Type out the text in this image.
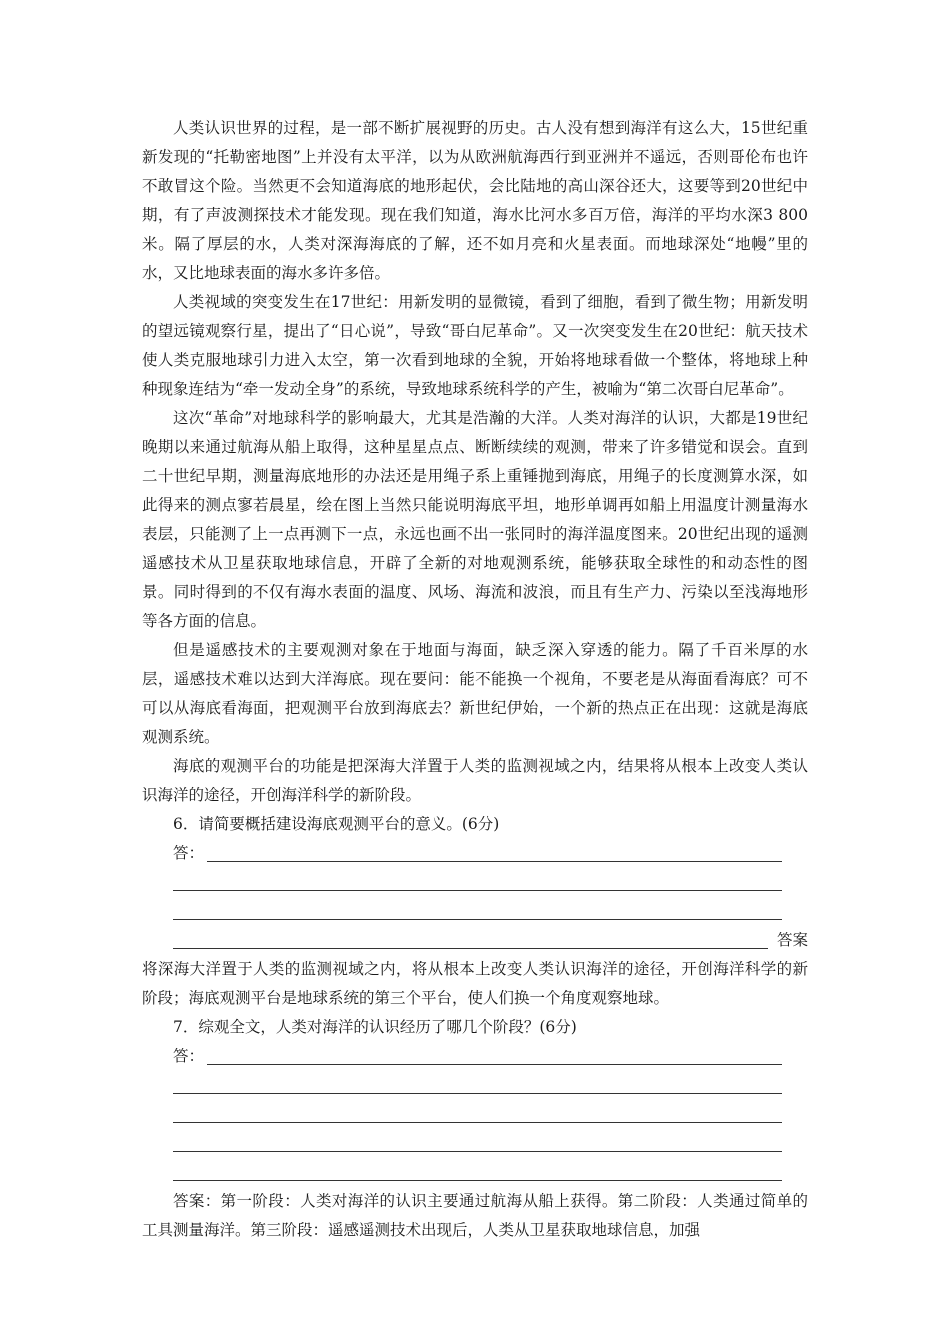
人类认识世界的过程，是一部不断扩展视野的历史。古人没有想到海洋有这么大，15世纪重新发现的“托勒密地图”上并没有太平洋，以为从欧洲航海西行到亚洲并不遥远，否则哥伦布也许不敢冒这个险。当然更不会知道海底的地形起伏，会比陆地的高山深谷还大，这要等到20世纪中期，有了声波测探技术才能发现。现在我们知道，海水比河水多百万倍，海洋的平均水深3 800米。隔了厚层的水，人类对深海海底的了解，还不如月亮和火星表面。而地球深处“地幔”里的水，又比地球表面的海水多许多倍。

人类视域的突变发生在17世纪：用新发明的显微镜，看到了细胞，看到了微生物；用新发明的望远镜观察行星，提出了“日心说”，导致“哥白尼革命”。又一次突变发生在20世纪：航天技术使人类克服地球引力进入太空，第一次看到地球的全貌，开始将地球看做一个整体，将地球上种种现象连结为“牵一发动全身”的系统，导致地球系统科学的产生，被喻为“第二次哥白尼革命”。

这次“革命”对地球科学的影响最大，尤其是浩瀚的大洋。人类对海洋的认识，大都是19世纪晚期以来通过航海从船上取得，这种星星点点、断断续续的观测，带来了许多错觉和误会。直到二十世纪早期，测量海底地形的办法还是用绳子系上重锤抛到海底，用绳子的长度测算水深，如此得来的测点寥若晨星，绘在图上当然只能说明海底平坦，地形单调再如船上用温度计测量海水表层，只能测了上一点再测下一点，永远也画不出一张同时的海洋温度图来。20世纪出现的遥测遥感技术从卫星获取地球信息，开辟了全新的对地观测系统，能够获取全球性的和动态性的图景。同时得到的不仅有海水表面的温度、风场、海流和波浪，而且有生产力、污染以至浅海地形等各方面的信息。

但是遥感技术的主要观测对象在于地面与海面，缺乏深入穿透的能力。隔了千百米厚的水层，遥感技术难以达到大洋海底。现在要问：能不能换一个视角，不要老是从海面看海底？可不可以从海底看海面，把观测平台放到海底去？新世纪伊始，一个新的热点正在出现：这就是海底观测系统。

海底的观测平台的功能是把深海大洋置于人类的监测视域之内，结果将从根本上改变人类认识海洋的途径，开创海洋科学的新阶段。

6．请简要概括建设海底观测平台的意义。(6分)

答：
答案

将深海大洋置于人类的监测视域之内，将从根本上改变人类认识海洋的途径，开创海洋科学的新阶段；海底观测平台是地球系统的第三个平台，使人们换一个角度观察地球。

7．综观全文，人类对海洋的认识经历了哪几个阶段？(6分)

答：

答案：第一阶段：人类对海洋的认识主要通过航海从船上获得。第二阶段：人类通过简单的工具测量海洋。第三阶段：遥感遥测技术出现后，人类从卫星获取地球信息，加强
